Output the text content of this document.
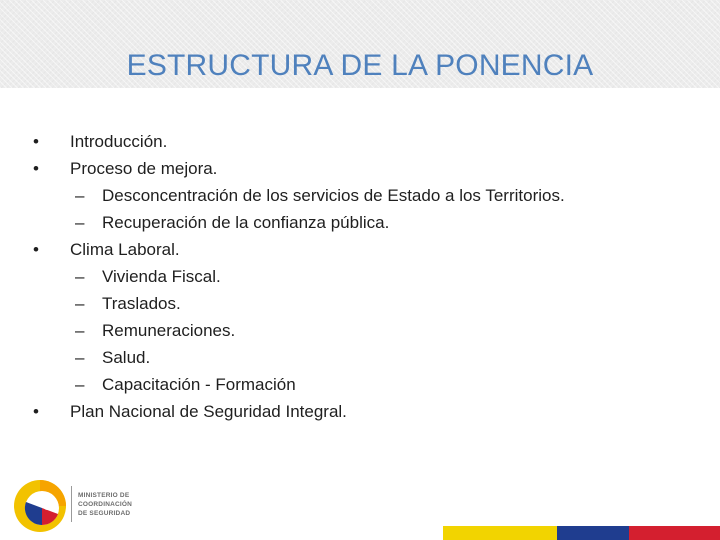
ESTRUCTURA DE LA PONENCIA
• Introducción.
• Proceso de mejora.
– Desconcentración de los servicios de Estado a los Territorios.
– Recuperación de la confianza pública.
• Clima Laboral.
– Vivienda Fiscal.
– Traslados.
– Remuneraciones.
– Salud.
– Capacitación - Formación
• Plan Nacional de Seguridad Integral.
MINISTERIO DE
COORDINACIÓN
DE SEGURIDAD
